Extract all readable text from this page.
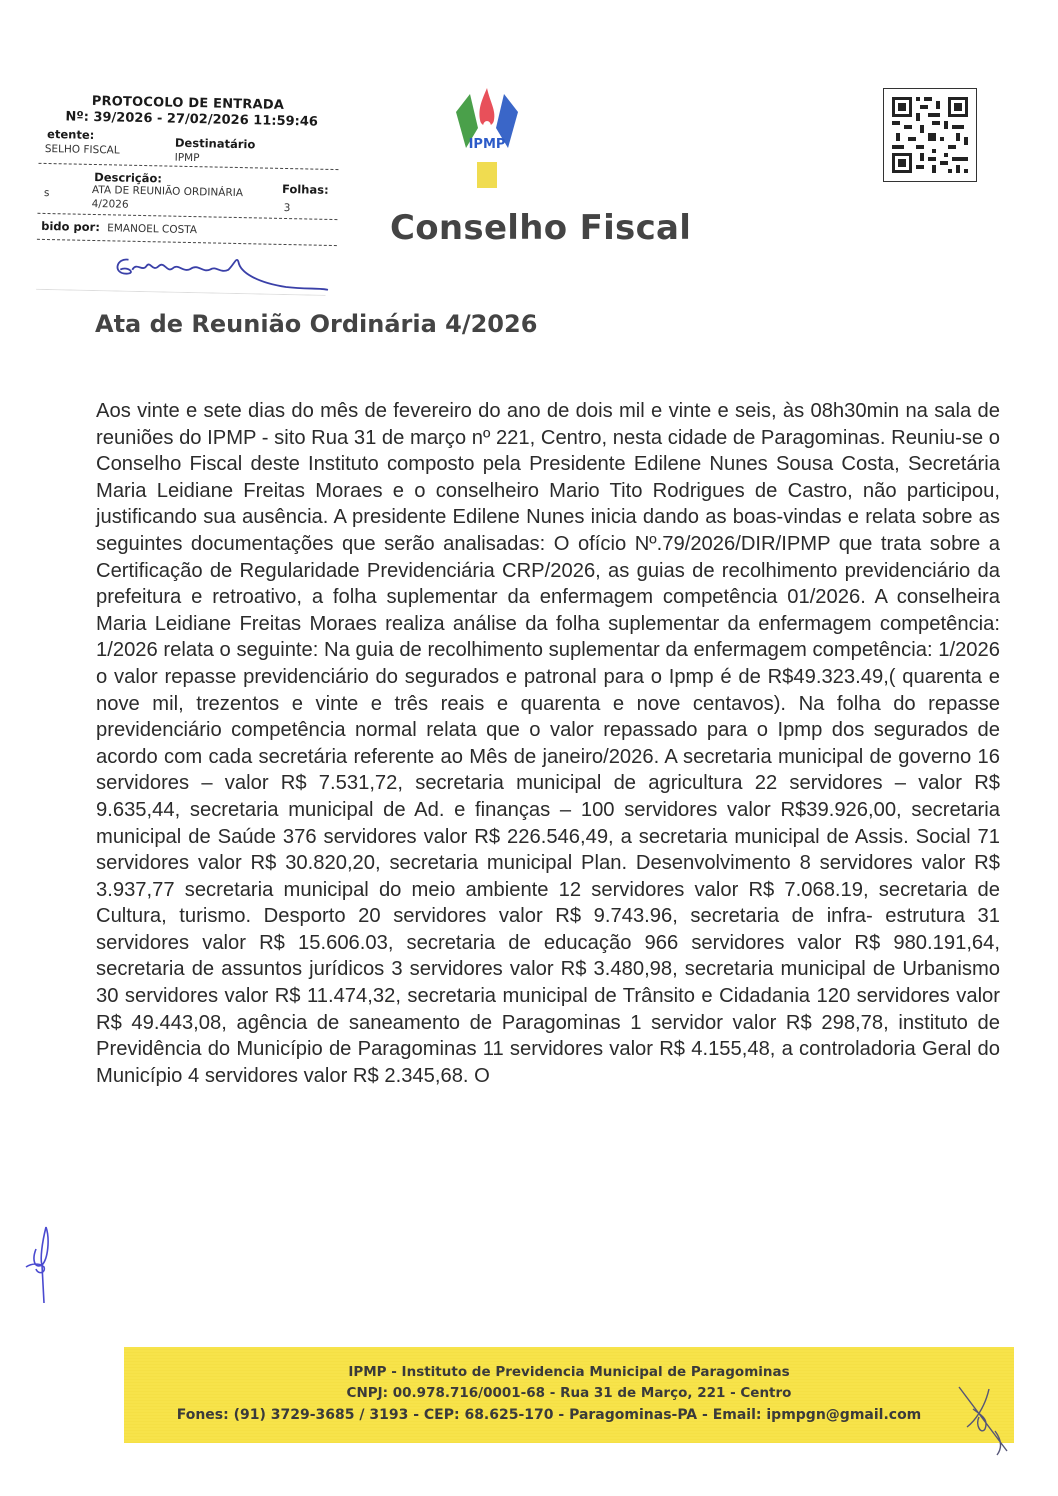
PROTOCOLO DE ENTRADA
Nº: 39/2026 - 27/02/2026 11:59:46
etente:
SELHO FISCAL	Destinatário
IPMP
Descrição:
s	ATA DE REUNIÃO ORDINÁRIA
4/2026
Folhas:
3
bido por: EMANOEL COSTA
IPMP
Conselho Fiscal
Ata de Reunião Ordinária 4/2026
Aos vinte e sete dias do mês de fevereiro do ano de dois mil e vinte e seis, às 08h30min na sala de reuniões do IPMP - sito Rua 31 de março nº 221, Centro, nesta cidade de Paragominas. Reuniu-se o Conselho Fiscal deste Instituto composto pela Presidente Edilene Nunes Sousa Costa, Secretária Maria Leidiane Freitas Moraes e o conselheiro Mario Tito Rodrigues de Castro, não participou, justificando sua ausência. A presidente Edilene Nunes inicia dando as boas-vindas e relata sobre as seguintes documentações que serão analisadas: O ofício Nº.79/2026/DIR/IPMP que trata sobre a Certificação de Regularidade Previdenciária CRP/2026, as guias de recolhimento previdenciário da prefeitura e retroativo, a folha suplementar da enfermagem competência 01/2026. A conselheira Maria Leidiane Freitas Moraes realiza análise da folha suplementar da enfermagem competência: 1/2026 relata o seguinte: Na guia de recolhimento suplementar da enfermagem competência: 1/2026 o valor repasse previdenciário do segurados e patronal para o Ipmp é de R$49.323.49,( quarenta e nove mil, trezentos e vinte e três reais e quarenta e nove centavos). Na folha do repasse previdenciário competência normal relata que o valor repassado para o Ipmp dos segurados de acordo com cada secretária referente ao Mês de janeiro/2026. A secretaria municipal de governo 16 servidores – valor R$ 7.531,72, secretaria municipal de agricultura 22 servidores – valor R$ 9.635,44, secretaria municipal de Ad. e finanças – 100 servidores valor R$39.926,00, secretaria municipal de Saúde 376 servidores valor R$ 226.546,49, a secretaria municipal de Assis. Social 71 servidores valor R$ 30.820,20, secretaria municipal Plan. Desenvolvimento 8 servidores valor R$ 3.937,77 secretaria municipal do meio ambiente 12 servidores valor R$ 7.068.19, secretaria de Cultura, turismo. Desporto 20 servidores valor R$ 9.743.96, secretaria de infra- estrutura 31 servidores valor R$ 15.606.03, secretaria de educação 966 servidores valor R$ 980.191,64, secretaria de assuntos jurídicos 3 servidores valor R$ 3.480,98, secretaria municipal de Urbanismo 30 servidores valor R$ 11.474,32, secretaria municipal de Trânsito e Cidadania 120 servidores valor R$ 49.443,08, agência de saneamento de Paragominas 1 servidor valor R$ 298,78, instituto de Previdência do Município de Paragominas 11 servidores valor R$ 4.155,48, a controladoria Geral do Município 4 servidores valor R$ 2.345,68. O
IPMP - Instituto de Previdencia Municipal de Paragominas
CNPJ: 00.978.716/0001-68 - Rua 31 de Março, 221 - Centro
Fones: (91) 3729-3685 / 3193 - CEP: 68.625-170 - Paragominas-PA - Email: ipmpgn@gmail.com
